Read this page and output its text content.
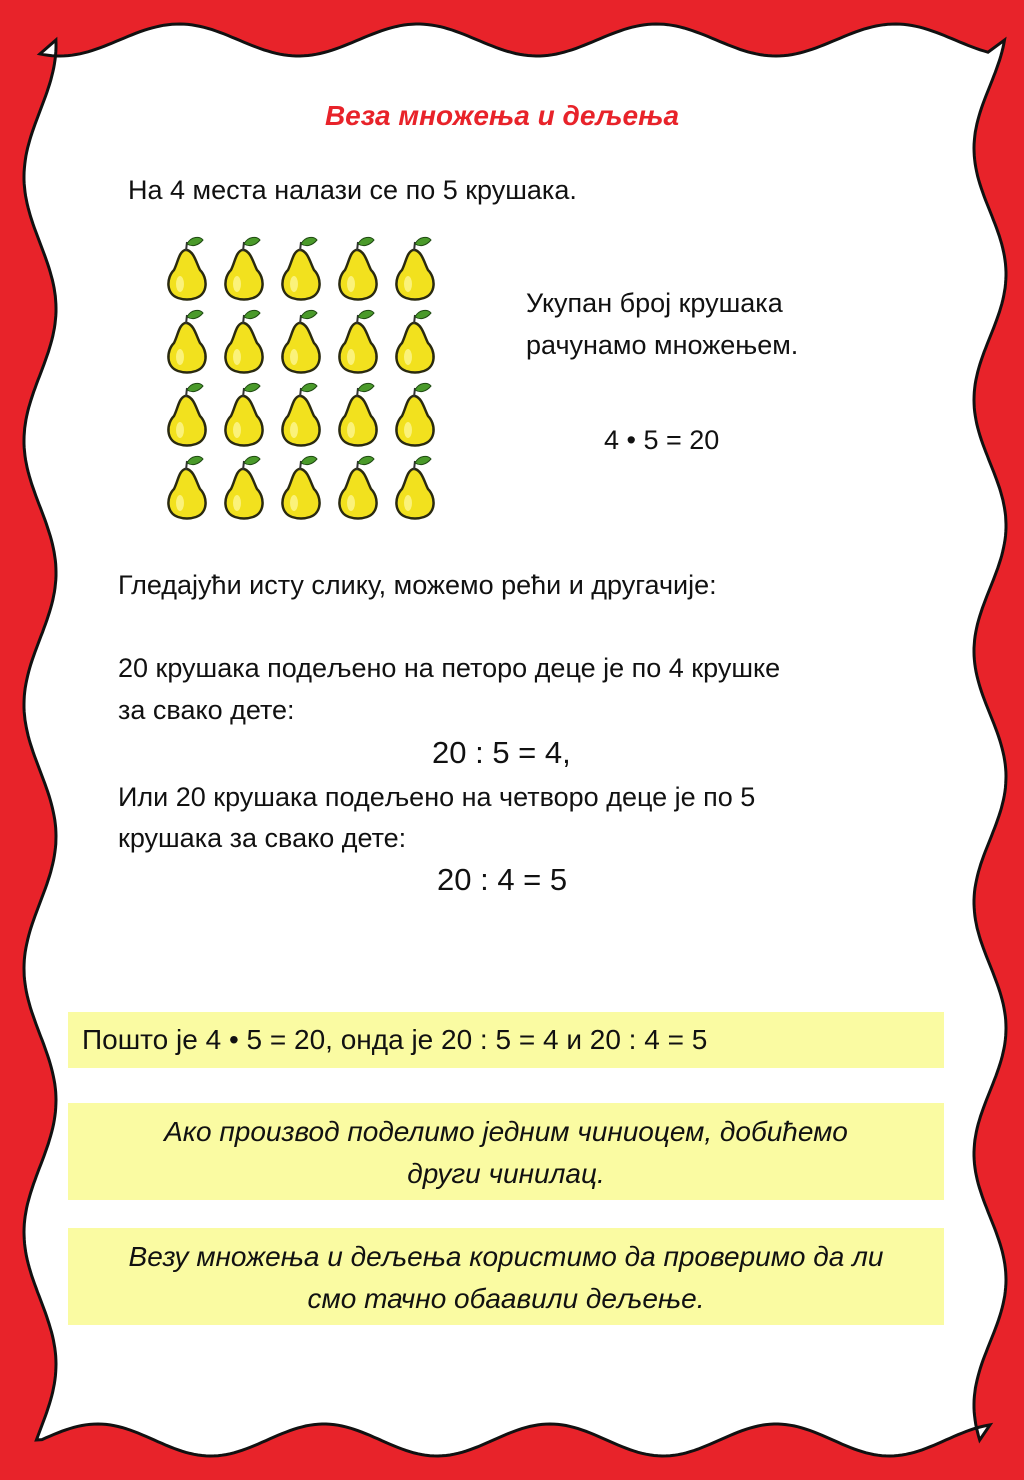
Веза множења и дељења

На 4 места налази се по 5 крушака.

Укупан број крушака

рачунамо множењем.

4 • 5 = 20

Гледајући исту слику, можемо рећи и другачије:

20 крушака подељено на петоро деце је по 4 крушке

за свако дете:

20 : 5 = 4,

Или 20 крушака подељено на четворо деце је по 5

крушака за свако дете:

20 : 4 = 5

Пошто је 4 • 5 = 20, онда је 20 : 5 = 4 и 20 : 4 = 5
Ако производ поделимо једним чиниоцем, добићемо
други чинилац.
Везу множења и дељења користимо да проверимо да ли
смо тачно обаавили дељење.
